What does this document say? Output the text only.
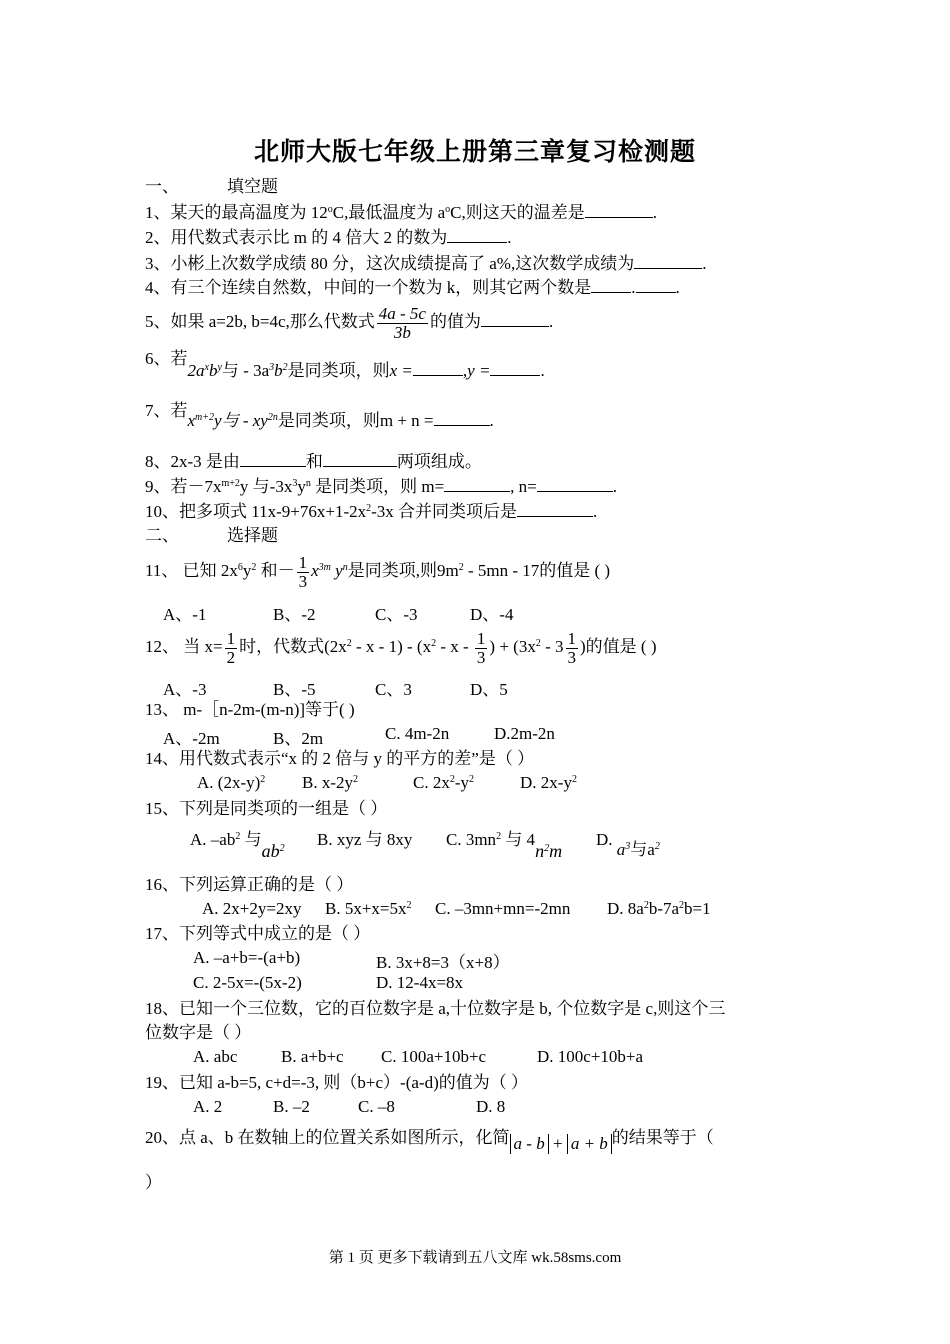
北师大版七年级上册第三章复习检测题
一、	填空题
1、某天的最高温度为 12$^o$C,最低温度为 $a^oC$,则这天的温差是	.
2、用代数式表示比 m 的 4 倍大 2 的数为	.
3、小彬上次数学成绩 80 分，这次成绩提高了 a%,这次数学成绩为	.
4、有三个连续自然数，中间的一个数为 k，则其它两个数是 . .
5、如果 a=2b, b=4c,那么代数式 $\frac{4a - 5c}{3b}$ 的值为	.
6、若$2a^xb^y$与 - $3a^3b^2$是同类项，则x =	,y =	.
7、若$x^{m+2}y$与 - $xy^{2n}$是同类项，则m + n =	.
8、2x-3 是由	和	两项组成。
9、若$-7x^{m+2}y$ 与$-3x^3y^n$ 是同类项，则 m=	, n=	.
10、把多项式 $11x-9+76x+1-2x^2-3x$ 合并同类项后是	.
二、	选择题
11、 已知 $2x^6y^2$ 和－ $\frac{1}{3} x^{3m}$ $y^n$是同类项,则$9m^2 - 5mn - 17$的值是 ( )
A、-1	B、-2	C、-3	D、-4
12、 当 $x= \frac{1}{2}$ 时，代数式($2x^2$ - x - $1) - (x^2$ - x - $\frac{1}{3}$ ) + ($3x^2 - 3 \frac{1}{3}$ )的值是 ( )
A、-3	B、-5	C、3	D、5
13、 m-［n-2m-(m-n)]等于( )
A、-2m	B、2m	C. 4m-2n	D.2m-2n
14、用代数式表示“x 的 2 倍与 y 的平方的差”是（ ）
A. $(2x-y)^2$ B. $x-2y^2$	C. $2x^2-y^2$	D. $2x-y^2$
15、下列是同类项的一组是（ ）
A. $-ab^2$ 与$ab^2$ B. xyz 与 8xy C. $3mn^2$ 与 $4n^2m$
D. $a^3$与$a^2$
16、下列运算正确的是（ ）
A. 2x+2y=2xy B. $5x+x=5x^2$ C. –3mn+mn=-2mn D. $8a^2b-7a^2b=1$
17、下列等式中成立的是（ ）
A. –a+b=-(a+b)	B. 3x+8=3（x+8）
C. 2-5x=-(5x-2)	D. 12-4x=8x
18、已知一个三位数，它的百位数字是 a,十位数字是 b, 个位数字是 c,则这个三
位数字是（ ）
A. abc	B. a+b+c C. 100a+10b+c	D. 100c+10b+a
19、已知 a-b=5, c+d=-3, 则（b+c）-(a-d)的值为（ ）
A. 2	B. –2	C. –8	D. 8
20、点 a、b 在数轴上的位置关系如图所示，化简 a - b + a + b 的结果等于（
）
第 1 页 更多下载请到五八文库 wk.58sms.com
